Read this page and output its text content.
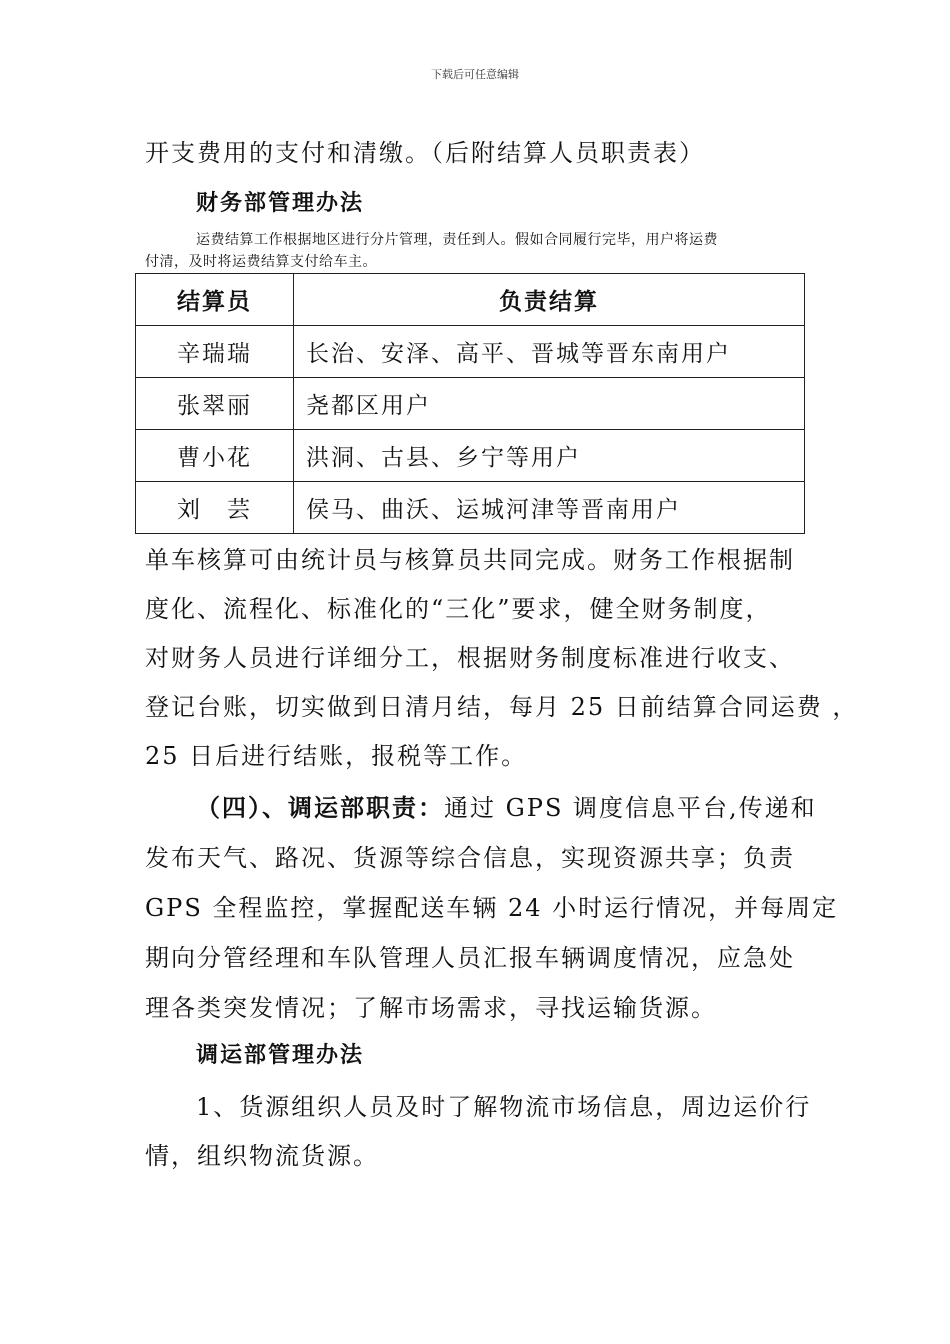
下载后可任意编辑
开支费用的支付和清缴。（后附结算人员职责表）
财务部管理办法
运费结算工作根据地区进行分片管理，责任到人。假如合同履行完毕，用户将运费
付清，及时将运费结算支付给车主。
结算员	负责结算
辛瑞瑞	长治、安泽、高平、晋城等晋东南用户
张翠丽	尧都区用户
曹小花	洪洞、古县、乡宁等用户
刘　芸	侯马、曲沃、运城河津等晋南用户
单车核算可由统计员与核算员共同完成。财务工作根据制
度化、流程化、标准化的“三化”要求，健全财务制度，
对财务人员进行详细分工，根据财务制度标准进行收支、
登记台账，切实做到日清月结，每月 25 日前结算合同运费 ，
25 日后进行结账，报税等工作。
（四）、调运部职责：通过 GPS 调度信息平台,传递和
发布天气、路况、货源等综合信息，实现资源共享；负责
GPS 全程监控，掌握配送车辆 24 小时运行情况，并每周定
期向分管经理和车队管理人员汇报车辆调度情况，应急处
理各类突发情况；了解市场需求，寻找运输货源。
调运部管理办法
1、货源组织人员及时了解物流市场信息，周边运价行
情，组织物流货源。
